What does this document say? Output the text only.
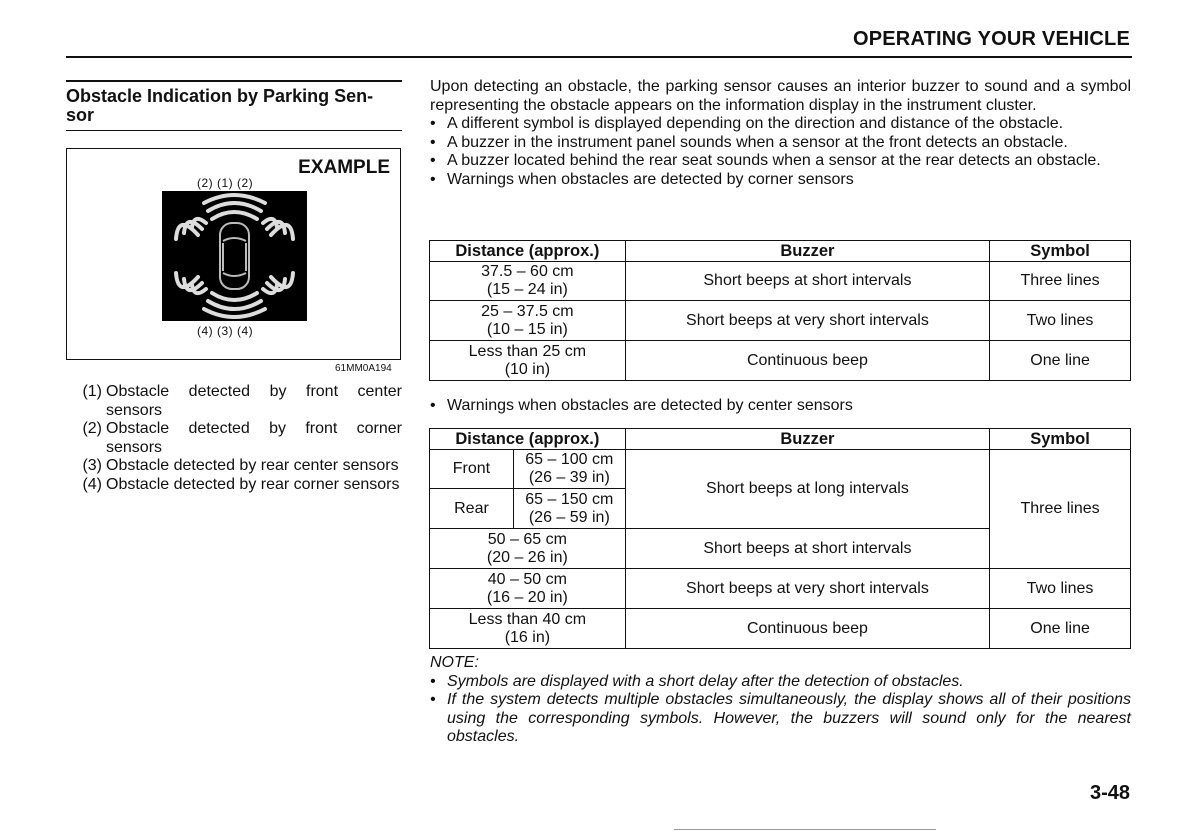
OPERATING YOUR VEHICLE
Obstacle Indication by Parking Sen-
sor
EXAMPLE
(2) (1) (2)
(4) (3) (4)
61MM0A194
(1) Obstacle detected by front center sensors
(2) Obstacle detected by front corner sensors
(3) Obstacle detected by rear center sensors
(4) Obstacle detected by rear corner sensors
Upon detecting an obstacle, the parking sensor causes an interior buzzer to sound and a symbol representing the obstacle appears on the information display in the instrument cluster.
• A different symbol is displayed depending on the direction and distance of the obstacle.
• A buzzer in the instrument panel sounds when a sensor at the front detects an obstacle.
• A buzzer located behind the rear seat sounds when a sensor at the rear detects an obstacle.
• Warnings when obstacles are detected by corner sensors
Distance (approx.)	Buzzer	Symbol
37.5 – 60 cm
(15 – 24 in)	Short beeps at short intervals	Three lines
25 – 37.5 cm
(10 – 15 in)	Short beeps at very short intervals	Two lines
Less than 25 cm
(10 in)	Continuous beep	One line
• Warnings when obstacles are detected by center sensors
Distance (approx.)		Buzzer	Symbol
Front	65 – 100 cm
(26 – 39 in)	Short beeps at long intervals	Three lines
Rear	65 – 150 cm
(26 – 59 in)		
50 – 65 cm
(20 – 26 in)		Short beeps at short intervals	
40 – 50 cm
(16 – 20 in)		Short beeps at very short intervals	Two lines
Less than 40 cm
(16 in)		Continuous beep	One line
NOTE:
• Symbols are displayed with a short delay after the detection of obstacles.
• If the system detects multiple obstacles simultaneously, the display shows all of their positions using the corresponding symbols. However, the buzzers will sound only for the nearest obstacles.
3-48
